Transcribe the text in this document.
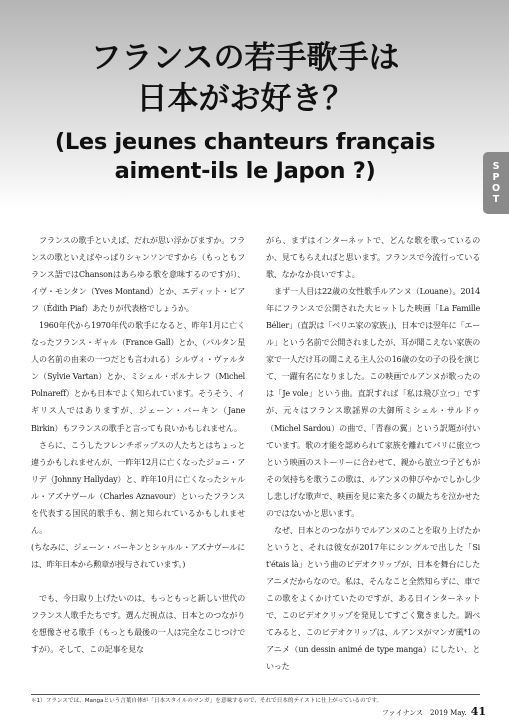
フランスの若手歌手は
日本がお好き？
(Les jeunes chanteurs français
aiment-ils le Japon ?)	S
P
O
T

フランスの歌手といえば、だれが思い浮かびますか。フランスの歌といえばやっぱりシャンソンですから（もっともフランス語ではChansonはあらゆる歌を意味するのですが）、イヴ・モンタン（Yves Montand）とか、エディット・ピアフ（Édith Piaf）あたりが代表格でしょうか。

1960年代から1970年代の歌手になると、昨年1月に亡くなったフランス・ギャル（France Gall）とか、（パルタン星人の名前の由来の一つだとも言われる）シルヴィ・ヴァルタン（Sylvie Vartan）とか、ミシェル・ポルナレフ（Michel Polnareff）とかも日本でよく知られています。そうそう、イギリス人ではありますが、ジェーン・バーキン（Jane Birkin）もフランスの歌手と言っても良いかもしれません。

さらに、こうしたフレンチポップスの人たちとはちょっと違うかもしれませんが、一昨年12月に亡くなったジョニ・アリデ（Johnny Hallyday）と、昨年10月に亡くなったシャルル・アズナヴール（Charles Aznavour）といったフランスを代表する国民的歌手も、割と知られているかもしれません。

(ちなみに、ジェーン・バーキンとシャルル・アズナヴールには、昨年日本から勲章が授与されています。)

でも、今日取り上げたいのは、もっともっと新しい世代のフランス人歌手たちです。選んだ視点は、日本とのつながりを想像させる歌手（もっとも最後の一人は完全なこじつけですが）。そして、この記事を見な

がら、まずはインターネットで、どんな歌を歌っているのか、見てもらえればと思います。フランスで今流行っている歌、なかなか良いですよ。

まず一人目は22歳の女性歌手ルアンヌ（Louane）。2014年にフランスで公開された大ヒットした映画「La Famille Bélier」（直訳は「ベリエ家の家族」)、日本では翌年に「エール」という名前で公開されましたが、耳が聞こえない家族の家で一人だけ耳の聞こえる主人公の16歳の女の子の役を演じて、一躍有名になりました。この映画でルアンヌが歌ったのは「Je vole」という曲。直訳すれば「私は飛び立つ」ですが、元々はフランス歌謡界の大御所ミシェル・サルドゥ（Michel Sardou）の曲で、「青春の翼」という訳題が付いています。歌の才能を認められて家族を離れてパリに旅立つという映画のストーリーに合わせて、親から旅立つ子どもがその気持ちを歌うこの歌は、ルアンヌの伸びやかでしかし少し悲しげな歌声で、映画を見に来た多くの観たちを泣かせたのではないかと思います。

なぜ、日本とのつながりでルアンヌのことを取り上げたかというと、それは彼女が2017年にシングルで出した「Si t'étais là」という曲のビデオクリップが、日本を舞台にしたアニメだからなので。私は、そんなこと全然知らずに、車でこの歌をよくかけていたのですが、ある日インターネットで、このビデオクリップを発見してすごく驚きました。調べてみると、このビデオクリップは、ルアンヌがマンガ風*1のアニメ（un dessin animé de type manga）にしたい、といった

＊1）フランスでは、Mangaという言葉自体が「日本スタイルのマンガ」を意味するので、それで日本的テイストに仕上がっているのです。
ファイナンス　2019 May. 41
